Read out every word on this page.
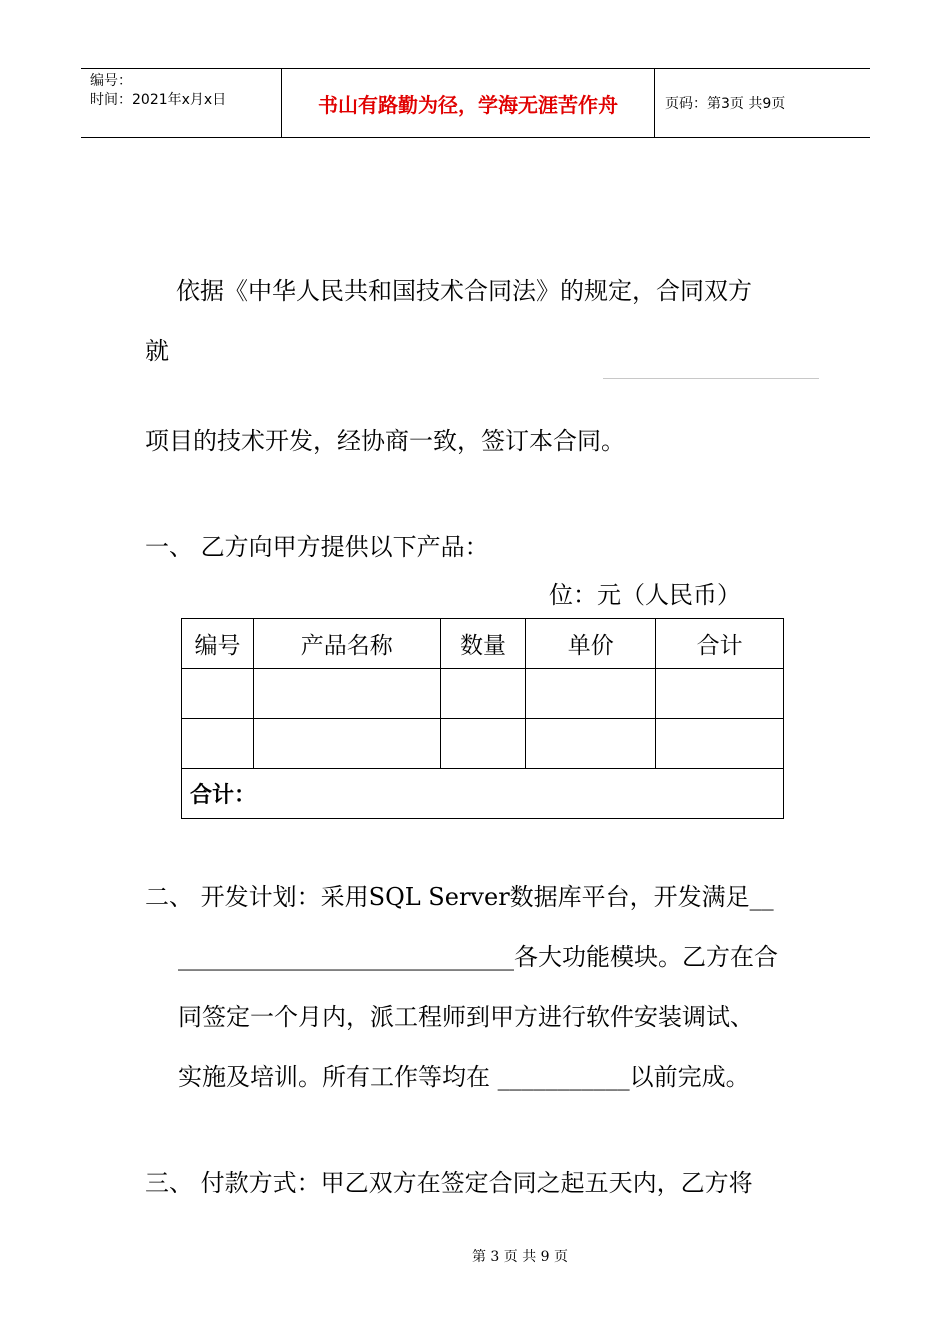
编号：
时间：2021年x月x日	书山有路勤为径，学海无涯苦作舟	页码：第3页 共9页
依据《中华人民共和国技术合同法》的规定，合同双方
就
项目的技术开发，经协商一致，签订本合同。
一、 乙方向甲方提供以下产品：
位：元（人民币）
编号	产品名称	数量	单价	合计

合计：				
二、 开发计划：采用SQL Server数据库平台，开发满足__
____________________________各大功能模块。乙方在合
同签定一个月内，派工程师到甲方进行软件安装调试、
实施及培训。所有工作等均在 ___________以前完成。
三、 付款方式：甲乙双方在签定合同之起五天内，乙方将
第 3 页 共 9 页
